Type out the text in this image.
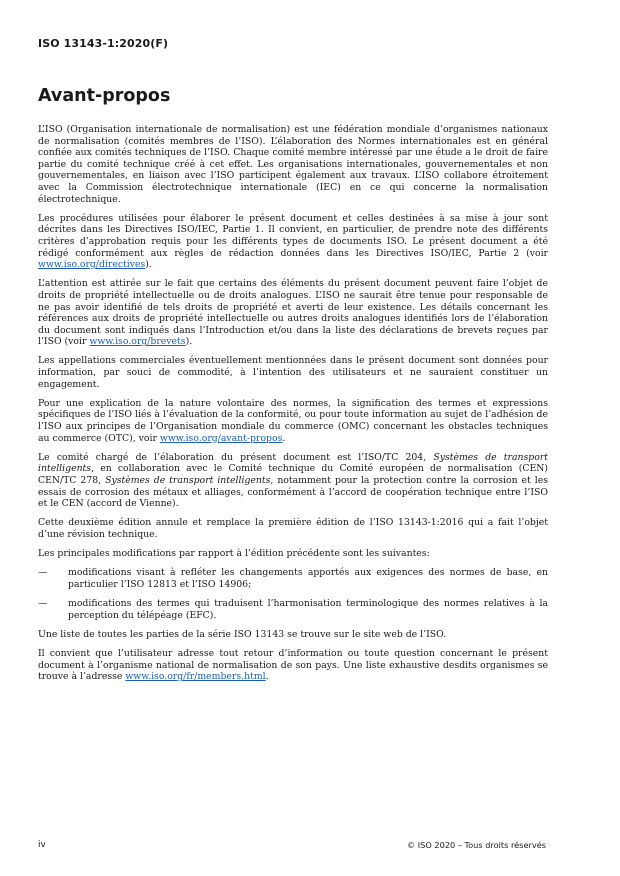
ISO 13143-1:2020(F)
Avant-propos

L’ISO (Organisation internationale de normalisation) est une fédération mondiale d’organismes nationaux de normalisation (comités membres de l’ISO). L’élaboration des Normes internationales est en général confiée aux comités techniques de l’ISO. Chaque comité membre intéressé par une étude a le droit de faire partie du comité technique créé à cet effet. Les organisations internationales, gouvernementales et non gouvernementales, en liaison avec l’ISO participent également aux travaux. L’ISO collabore étroitement avec la Commission électrotechnique internationale (IEC) en ce qui concerne la normalisation électrotechnique.

Les procédures utilisées pour élaborer le présent document et celles destinées à sa mise à jour sont décrites dans les Directives ISO/IEC, Partie 1. Il convient, en particulier, de prendre note des différents critères d’approbation requis pour les différents types de documents ISO. Le présent document a été rédigé conformément aux règles de rédaction données dans les Directives ISO/IEC, Partie 2 (voir www.iso.org/directives).

L’attention est attirée sur le fait que certains des éléments du présent document peuvent faire l’objet de droits de propriété intellectuelle ou de droits analogues. L’ISO ne saurait être tenue pour responsable de ne pas avoir identifié de tels droits de propriété et averti de leur existence. Les détails concernant les références aux droits de propriété intellectuelle ou autres droits analogues identifiés lors de l’élaboration du document sont indiqués dans l’Introduction et/ou dans la liste des déclarations de brevets reçues par l’ISO (voir www.iso.org/brevets).

Les appellations commerciales éventuellement mentionnées dans le présent document sont données pour information, par souci de commodité, à l’intention des utilisateurs et ne sauraient constituer un engagement.

Pour une explication de la nature volontaire des normes, la signification des termes et expressions spécifiques de l’ISO liés à l’évaluation de la conformité, ou pour toute information au sujet de l’adhésion de l’ISO aux principes de l’Organisation mondiale du commerce (OMC) concernant les obstacles techniques au commerce (OTC), voir www.iso.org/avant-propos.

Le comité chargé de l’élaboration du présent document est l’ISO/TC 204, Systèmes de transport intelligents, en collaboration avec le Comité technique du Comité européen de normalisation (CEN) CEN/TC 278, Systèmes de transport intelligents, notamment pour la protection contre la corrosion et les essais de corrosion des métaux et alliages, conformément à l’accord de coopération technique entre l’ISO et le CEN (accord de Vienne).

Cette deuxième édition annule et remplace la première édition de l’ISO 13143-1:2016 qui a fait l’objet d’une révision technique.

Les principales modifications par rapport à l’édition précédente sont les suivantes:

— modifications visant à refléter les changements apportés aux exigences des normes de base, en particulier l’ISO 12813 et l’ISO 14906;
— modifications des termes qui traduisent l’harmonisation terminologique des normes relatives à la perception du télépéage (EFC).

Une liste de toutes les parties de la série ISO 13143 se trouve sur le site web de l’ISO.

Il convient que l’utilisateur adresse tout retour d’information ou toute question concernant le présent document à l’organisme national de normalisation de son pays. Une liste exhaustive desdits organismes se trouve à l’adresse www.iso.org/fr/members.html.

iv	© ISO 2020 – Tous droits réservés
